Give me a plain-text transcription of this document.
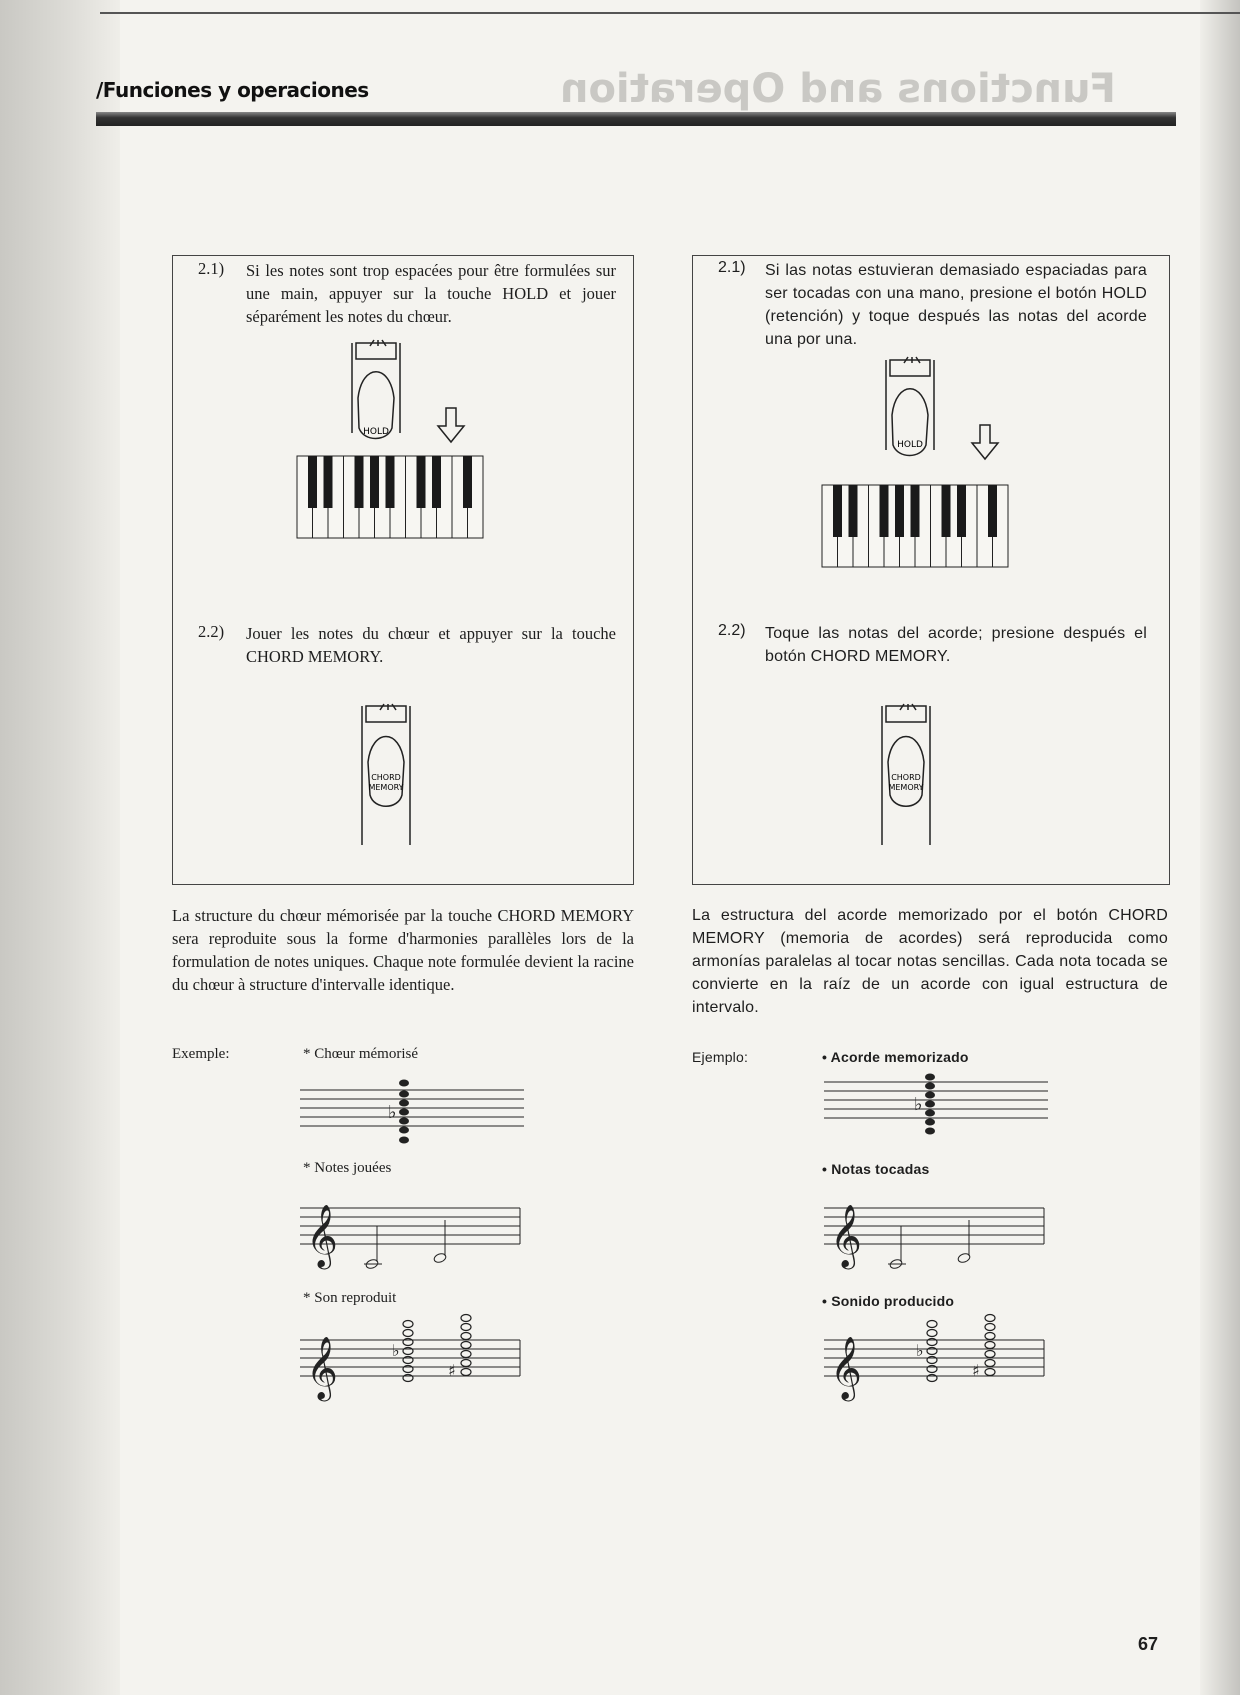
Functions and Operation
/Funciones y operaciones
2.1) Si les notes sont trop espacées pour être formulées sur une main, appuyer sur la touche HOLD et jouer séparément les notes du chœur.
HOLD
2.2) Jouer les notes du chœur et appuyer sur la touche CHORD MEMORY.
CHORD
MEMORY
2.1) Si las notas estuvieran demasiado espaciadas para ser tocadas con una mano, presione el botón HOLD (retención) y toque después las notas del acorde una por una.
HOLD
2.2) Toque las notas del acorde; presione después el botón CHORD MEMORY.
CHORD
MEMORY
La structure du chœur mémorisée par la touche CHORD MEMORY sera reproduite sous la forme d'harmonies parallèles lors de la formulation de notes uniques. Chaque note formulée devient la racine du chœur à structure d'intervalle identique.
La estructura del acorde memorizado por el botón CHORD MEMORY (memoria de acordes) será reproducida como armonías paralelas al tocar notas sencillas. Cada nota tocada se convierte en la raíz de un acorde con igual estructura de intervalo.
Exemple:	* Chœur mémorisé
♭
* Notes jouées
𝄞
* Son reproduit
𝄞	♭
♯
Ejemplo:	• Acorde memorizado
♭
• Notas tocadas
𝄞
• Sonido producido
𝄞	♭
♯
67
